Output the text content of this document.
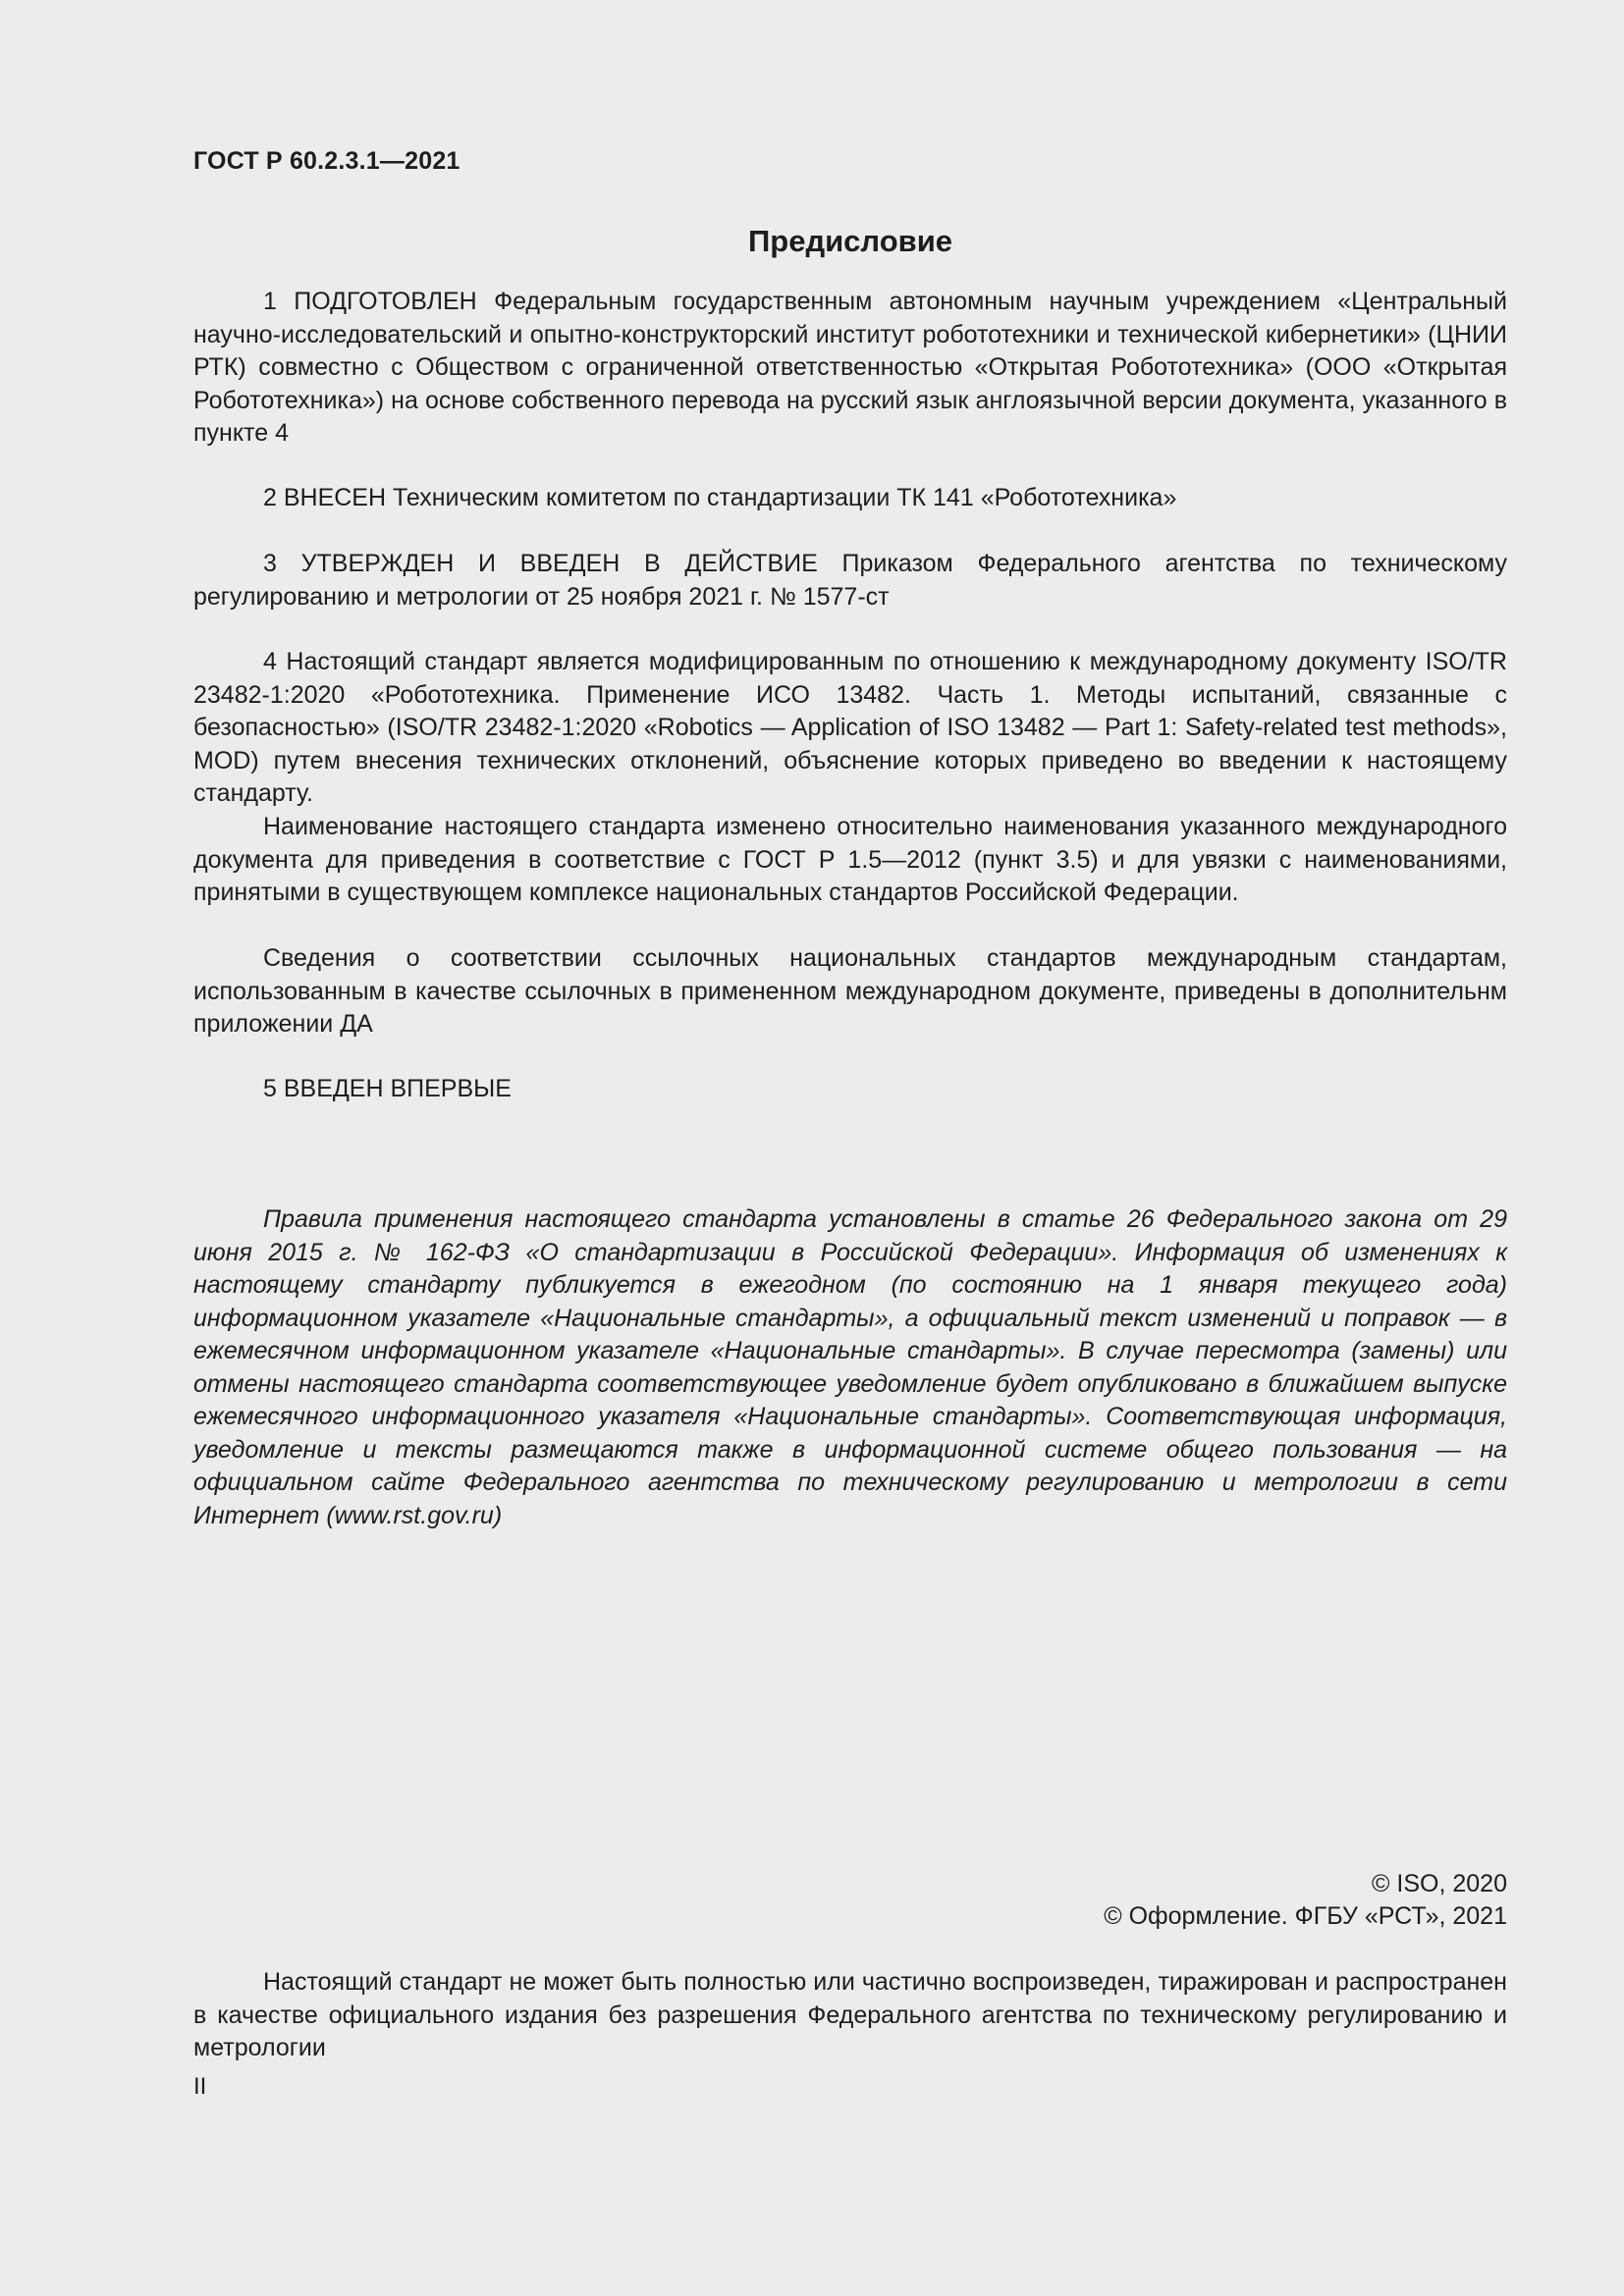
ГОСТ Р 60.2.3.1—2021
Предисловие

1 ПОДГОТОВЛЕН Федеральным государственным автономным научным учреждением «Центральный научно-исследовательский и опытно-конструкторский институт робототехники и технической кибернетики» (ЦНИИ РТК) совместно с Обществом с ограниченной ответственностью «Открытая Робототехника» (ООО «Открытая Робототехника») на основе собственного перевода на русский язык англоязычной версии документа, указанного в пункте 4

2 ВНЕСЕН Техническим комитетом по стандартизации ТК 141 «Робототехника»

3 УТВЕРЖДЕН И ВВЕДЕН В ДЕЙСТВИЕ Приказом Федерального агентства по техническому регулированию и метрологии от 25 ноября 2021 г. № 1577-ст

4 Настоящий стандарт является модифицированным по отношению к международному документу ISO/TR 23482-1:2020 «Робототехника. Применение ИСО 13482. Часть 1. Методы испытаний, связанные с безопасностью» (ISO/TR 23482-1:2020 «Robotics — Application of ISO 13482 — Part 1: Safety-related test methods», MOD) путем внесения технических отклонений, объяснение которых приведено во введении к настоящему стандарту.

Наименование настоящего стандарта изменено относительно наименования указанного международного документа для приведения в соответствие с ГОСТ Р 1.5—2012 (пункт 3.5) и для увязки с наименованиями, принятыми в существующем комплексе национальных стандартов Российской Федерации.

Сведения о соответствии ссылочных национальных стандартов международным стандартам, использованным в качестве ссылочных в примененном международном документе, приведены в дополнительнм приложении ДА

5 ВВЕДЕН ВПЕРВЫЕ

Правила применения настоящего стандарта установлены в статье 26 Федерального закона от 29 июня 2015 г. № 162-ФЗ «О стандартизации в Российской Федерации». Информация об изменениях к настоящему стандарту публикуется в ежегодном (по состоянию на 1 января текущего года) информационном указателе «Национальные стандарты», а официальный текст изменений и поправок — в ежемесячном информационном указателе «Национальные стандарты». В случае пересмотра (замены) или отмены настоящего стандарта соответствующее уведомление будет опубликовано в ближайшем выпуске ежемесячного информационного указателя «Национальные стандарты». Соответствующая информация, уведомление и тексты размещаются также в информационной системе общего пользования — на официальном сайте Федерального агентства по техническому регулированию и метрологии в сети Интернет (www.rst.gov.ru)

© ISO, 2020
© Оформление. ФГБУ «РСТ», 2021

Настоящий стандарт не может быть полностью или частично воспроизведен, тиражирован и распространен в качестве официального издания без разрешения Федерального агентства по техническому регулированию и метрологии

II
